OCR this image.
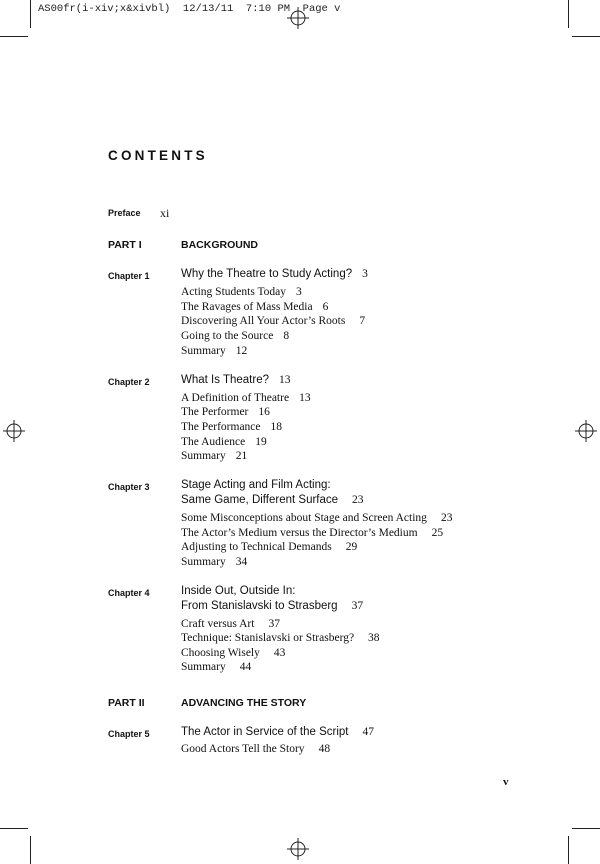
AS00fr(i-xiv;x&xivbl)  12/13/11  7:10 PM  Page v
CONTENTS
Preface xi
PART I	BACKGROUND
Chapter 1	Why the Theatre to Study Acting? 3
Acting Students Today 3
The Ravages of Mass Media 6
Discovering All Your Actor’s Roots 7
Going to the Source 8
Summary 12
Chapter 2	What Is Theatre? 13
A Definition of Theatre 13
The Performer 16
The Performance 18
The Audience 19
Summary 21
Chapter 3	Stage Acting and Film Acting:
Same Game, Different Surface 23
Some Misconceptions about Stage and Screen Acting 23
The Actor’s Medium versus the Director’s Medium 25
Adjusting to Technical Demands 29
Summary 34
Chapter 4	Inside Out, Outside In:
From Stanislavski to Strasberg 37
Craft versus Art 37
Technique: Stanislavski or Strasberg? 38
Choosing Wisely 43
Summary 44
PART II	ADVANCING THE STORY
Chapter 5	The Actor in Service of the Script 47
Good Actors Tell the Story 48
v
